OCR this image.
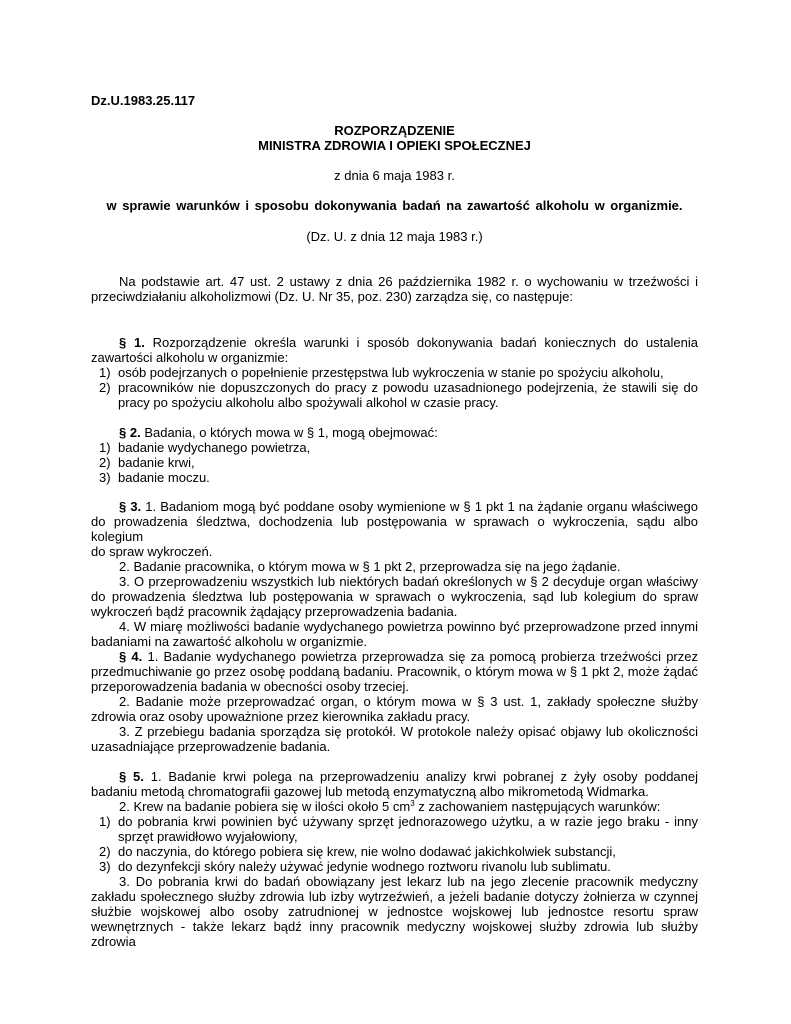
Dz.U.1983.25.117
ROZPORZĄDZENIE
MINISTRA ZDROWIA I OPIEKI SPOŁECZNEJ
z dnia 6 maja 1983 r.
w sprawie warunków i sposobu dokonywania badań na zawartość alkoholu w organizmie.
(Dz. U. z dnia 12 maja 1983 r.)
Na podstawie art. 47 ust. 2 ustawy z dnia 26 października 1982 r. o wychowaniu w trzeźwości i
przeciwdziałaniu alkoholizmowi (Dz. U. Nr 35, poz. 230) zarządza się, co następuje:
§ 1. Rozporządzenie określa warunki i sposób dokonywania badań koniecznych do ustalenia
zawartości alkoholu w organizmie:
1) osób podejrzanych o popełnienie przestępstwa lub wykroczenia w stanie po spożyciu alkoholu,
2) pracowników nie dopuszczonych do pracy z powodu uzasadnionego podejrzenia, że stawili się do
pracy po spożyciu alkoholu albo spożywali alkohol w czasie pracy.
§ 2. Badania, o których mowa w § 1, mogą obejmować:
1) badanie wydychanego powietrza,
2) badanie krwi,
3) badanie moczu.
§ 3. 1. Badaniom mogą być poddane osoby wymienione w § 1 pkt 1 na żądanie organu właściwego
do prowadzenia śledztwa, dochodzenia lub postępowania w sprawach o wykroczenia, sądu albo kolegium
do spraw wykroczeń.
2. Badanie pracownika, o którym mowa w § 1 pkt 2, przeprowadza się na jego żądanie.
3. O przeprowadzeniu wszystkich lub niektórych badań określonych w § 2 decyduje organ właściwy
do prowadzenia śledztwa lub postępowania w sprawach o wykroczenia, sąd lub kolegium do spraw
wykroczeń bądź pracownik żądający przeprowadzenia badania.
4. W miarę możliwości badanie wydychanego powietrza powinno być przeprowadzone przed innymi
badaniami na zawartość alkoholu w organizmie.
§ 4. 1. Badanie wydychanego powietrza przeprowadza się za pomocą probierza trzeźwości przez
przedmuchiwanie go przez osobę poddaną badaniu. Pracownik, o którym mowa w § 1 pkt 2, może żądać
przeporowadzenia badania w obecności osoby trzeciej.
2. Badanie może przeprowadzać organ, o którym mowa w § 3 ust. 1, zakłady społeczne służby
zdrowia oraz osoby upoważnione przez kierownika zakładu pracy.
3. Z przebiegu badania sporządza się protokół. W protokole należy opisać objawy lub okoliczności
uzasadniające przeprowadzenie badania.
§ 5. 1. Badanie krwi polega na przeprowadzeniu analizy krwi pobranej z żyły osoby poddanej
badaniu metodą chromatografii gazowej lub metodą enzymatyczną albo mikrometodą Widmarka.
2. Krew na badanie pobiera się w ilości około 5 $cm^3$ z zachowaniem następujących warunków:
1) do pobrania krwi powinien być używany sprzęt jednorazowego użytku, a w razie jego braku - inny
sprzęt prawidłowo wyjałowiony,
2) do naczynia, do którego pobiera się krew, nie wolno dodawać jakichkolwiek substancji,
3) do dezynfekcji skóry należy używać jedynie wodnego roztworu rivanolu lub sublimatu.
3. Do pobrania krwi do badań obowiązany jest lekarz lub na jego zlecenie pracownik medyczny
zakładu społecznego służby zdrowia lub izby wytrzeźwień, a jeżeli badanie dotyczy żołnierza w czynnej
służbie wojskowej albo osoby zatrudnionej w jednostce wojskowej lub jednostce resortu spraw
wewnętrznych - także lekarz bądź inny pracownik medyczny wojskowej służby zdrowia lub służby zdrowia
